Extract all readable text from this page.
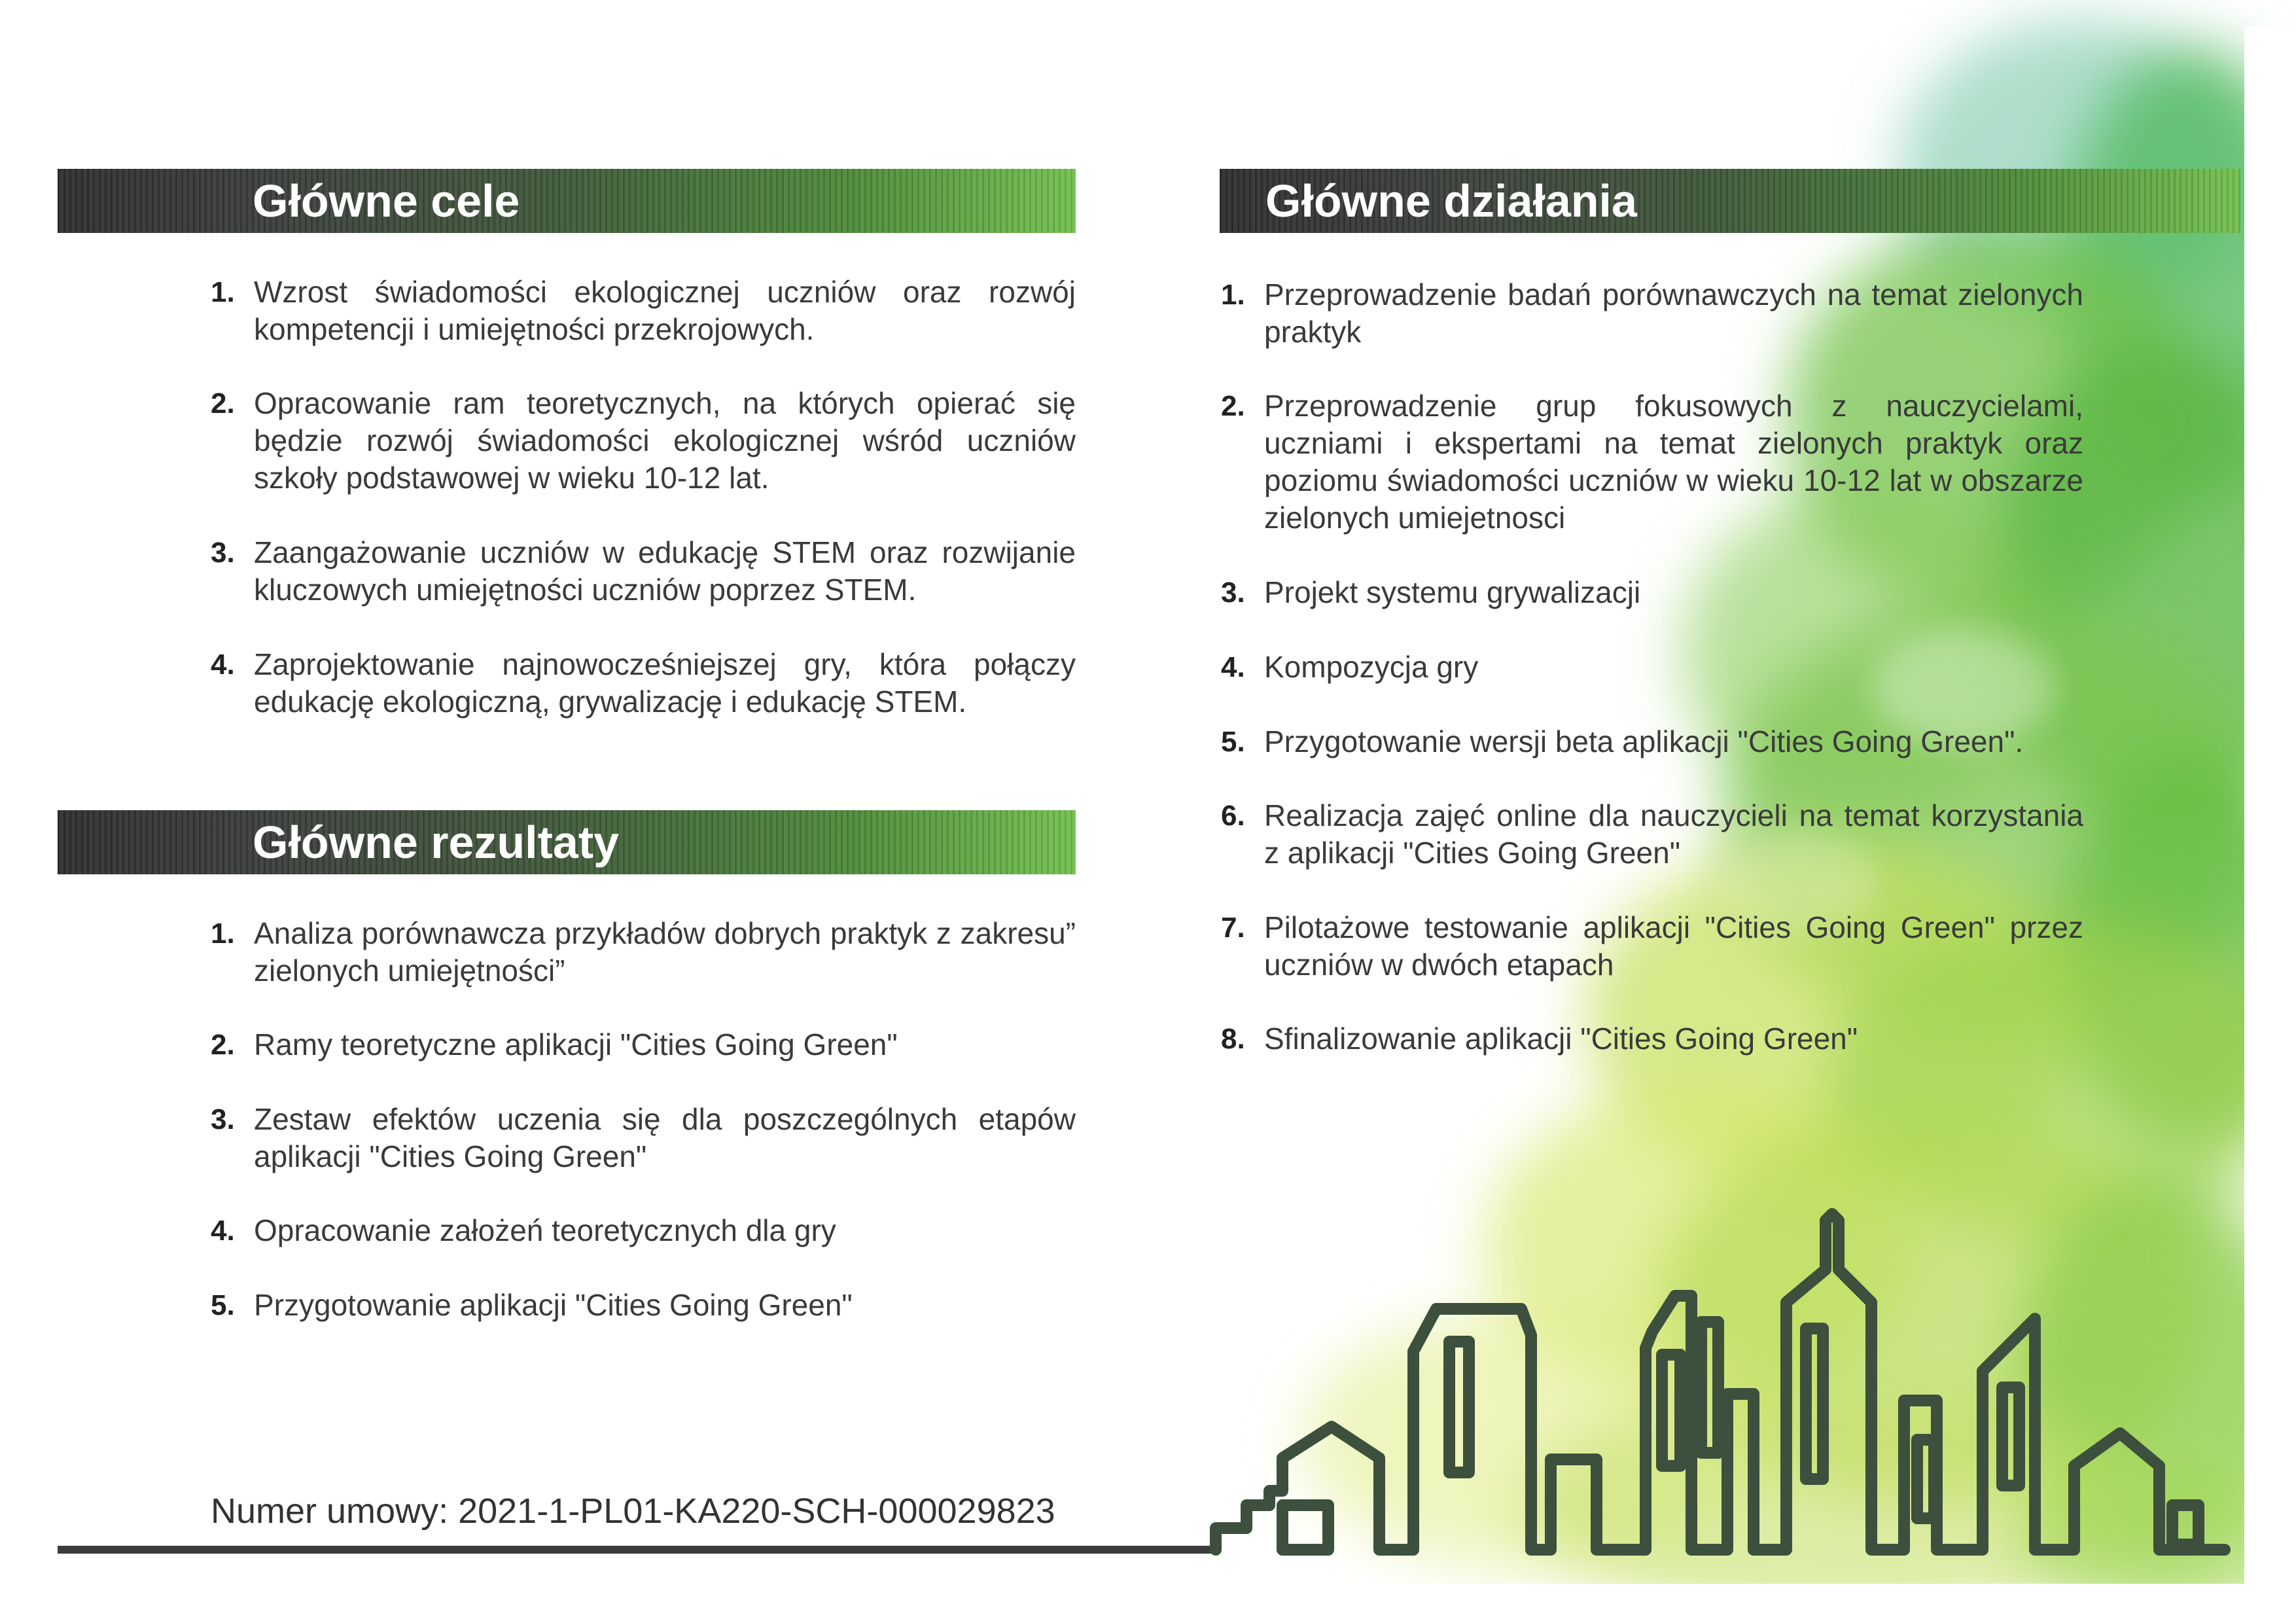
Główne cele
1. Wzrost świadomości ekologicznej uczniów oraz rozwój kompetencji i umiejętności przekrojowych.
2. Opracowanie ram teoretycznych, na których opierać się będzie rozwój świadomości ekologicznej wśród uczniów szkoły podstawowej w wieku 10-12 lat.
3. Zaangażowanie uczniów w edukację STEM oraz rozwijanie kluczowych umiejętności uczniów poprzez STEM.
4. Zaprojektowanie najnowocześniejszej gry, która połączy edukację ekologiczną, grywalizację i edukację STEM.
Główne rezultaty
1. Analiza porównawcza przykładów dobrych praktyk z zakresu” zielonych umiejętności”
2. Ramy teoretyczne aplikacji "Cities Going Green"
3. Zestaw efektów uczenia się dla poszczególnych etapów aplikacji "Cities Going Green"
4. Opracowanie założeń teoretycznych dla gry
5. Przygotowanie aplikacji "Cities Going Green"
Główne działania
1. Przeprowadzenie badań porównawczych na temat zielonych praktyk
2. Przeprowadzenie grup fokusowych z nauczycielami, uczniami i ekspertami na temat zielonych praktyk oraz poziomu świadomości uczniów w wieku 10-12 lat w obszarze zielonych umiejetnosci
3. Projekt systemu grywalizacji
4. Kompozycja gry
5. Przygotowanie wersji beta aplikacji "Cities Going Green".
6. Realizacja zajęć online dla nauczycieli na temat korzystania z aplikacji "Cities Going Green"
7. Pilotażowe testowanie aplikacji "Cities Going Green" przez uczniów w dwóch etapach
8. Sfinalizowanie aplikacji "Cities Going Green"
Numer umowy: 2021-1-PL01-KA220-SCH-000029823
